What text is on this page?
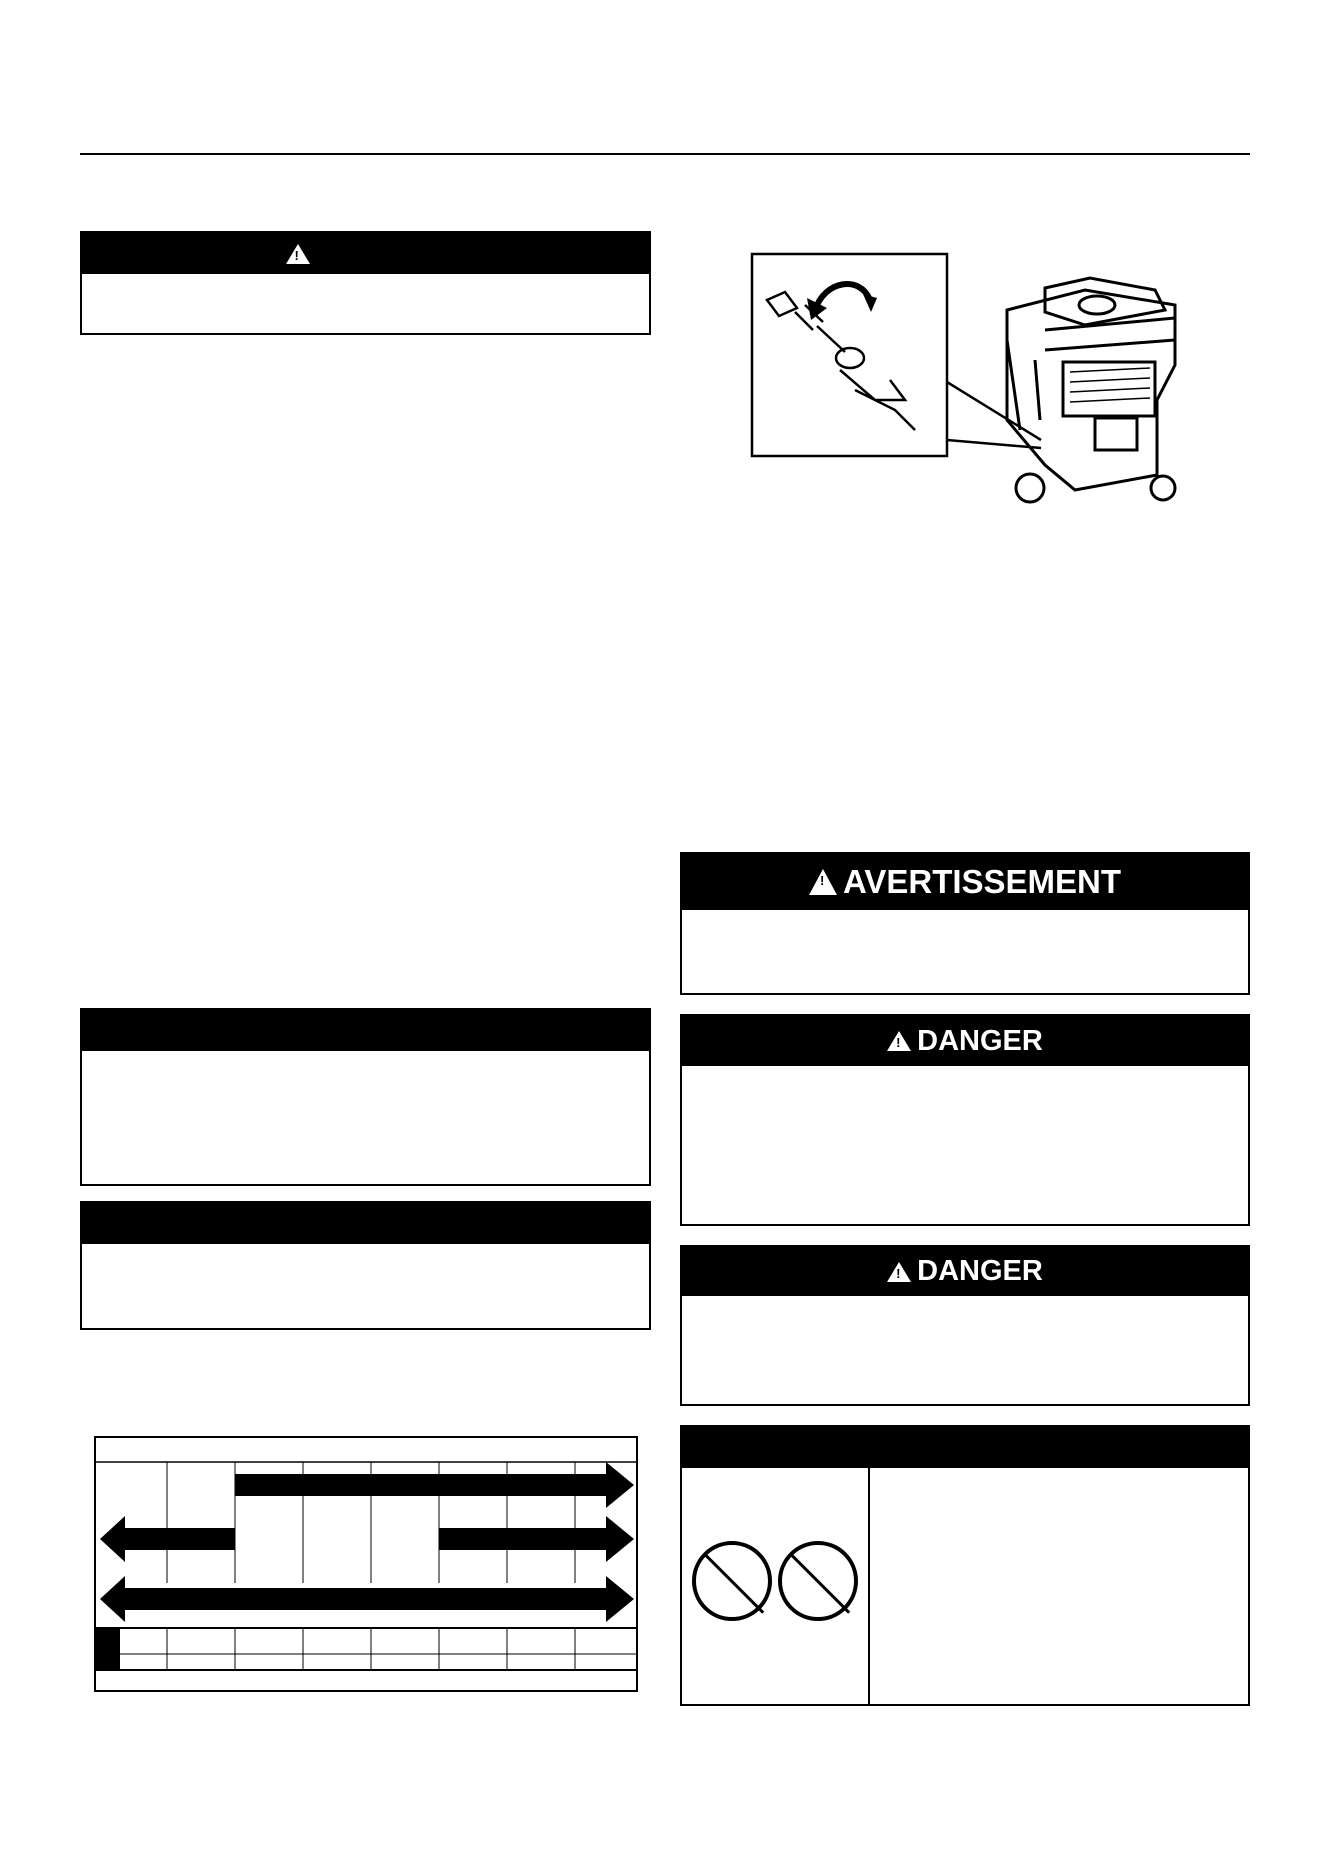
!
!
AVERTISSEMENT
!
DANGER
!
DANGER
